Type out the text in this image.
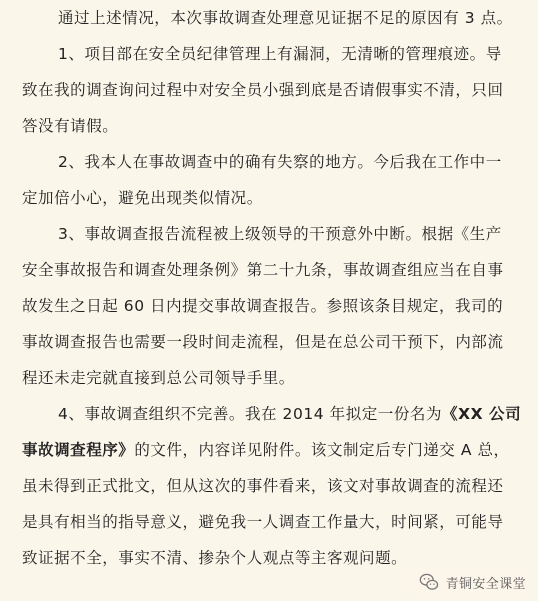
通过上述情况，本次事故调查处理意见证据不足的原因有 3 点。
1、项目部在安全员纪律管理上有漏洞，无清晰的管理痕迹。导
致在我的调查询问过程中对安全员小强到底是否请假事实不清，只回
答没有请假。
2、我本人在事故调查中的确有失察的地方。今后我在工作中一
定加倍小心，避免出现类似情况。
3、事故调查报告流程被上级领导的干预意外中断。根据《生产
安全事故报告和调查处理条例》第二十九条，事故调查组应当在自事
故发生之日起 60 日内提交事故调查报告。参照该条目规定，我司的
事故调查报告也需要一段时间走流程，但是在总公司干预下，内部流
程还未走完就直接到总公司领导手里。
4、事故调查组织不完善。我在 2014 年拟定一份名为《XX 公司
事故调查程序》的文件，内容详见附件。该文制定后专门递交 A 总，
虽未得到正式批文，但从这次的事件看来，该文对事故调查的流程还
是具有相当的指导意义，避免我一人调查工作量大，时间紧，可能导
致证据不全，事实不清、掺杂个人观点等主客观问题。
青铜安全课堂
